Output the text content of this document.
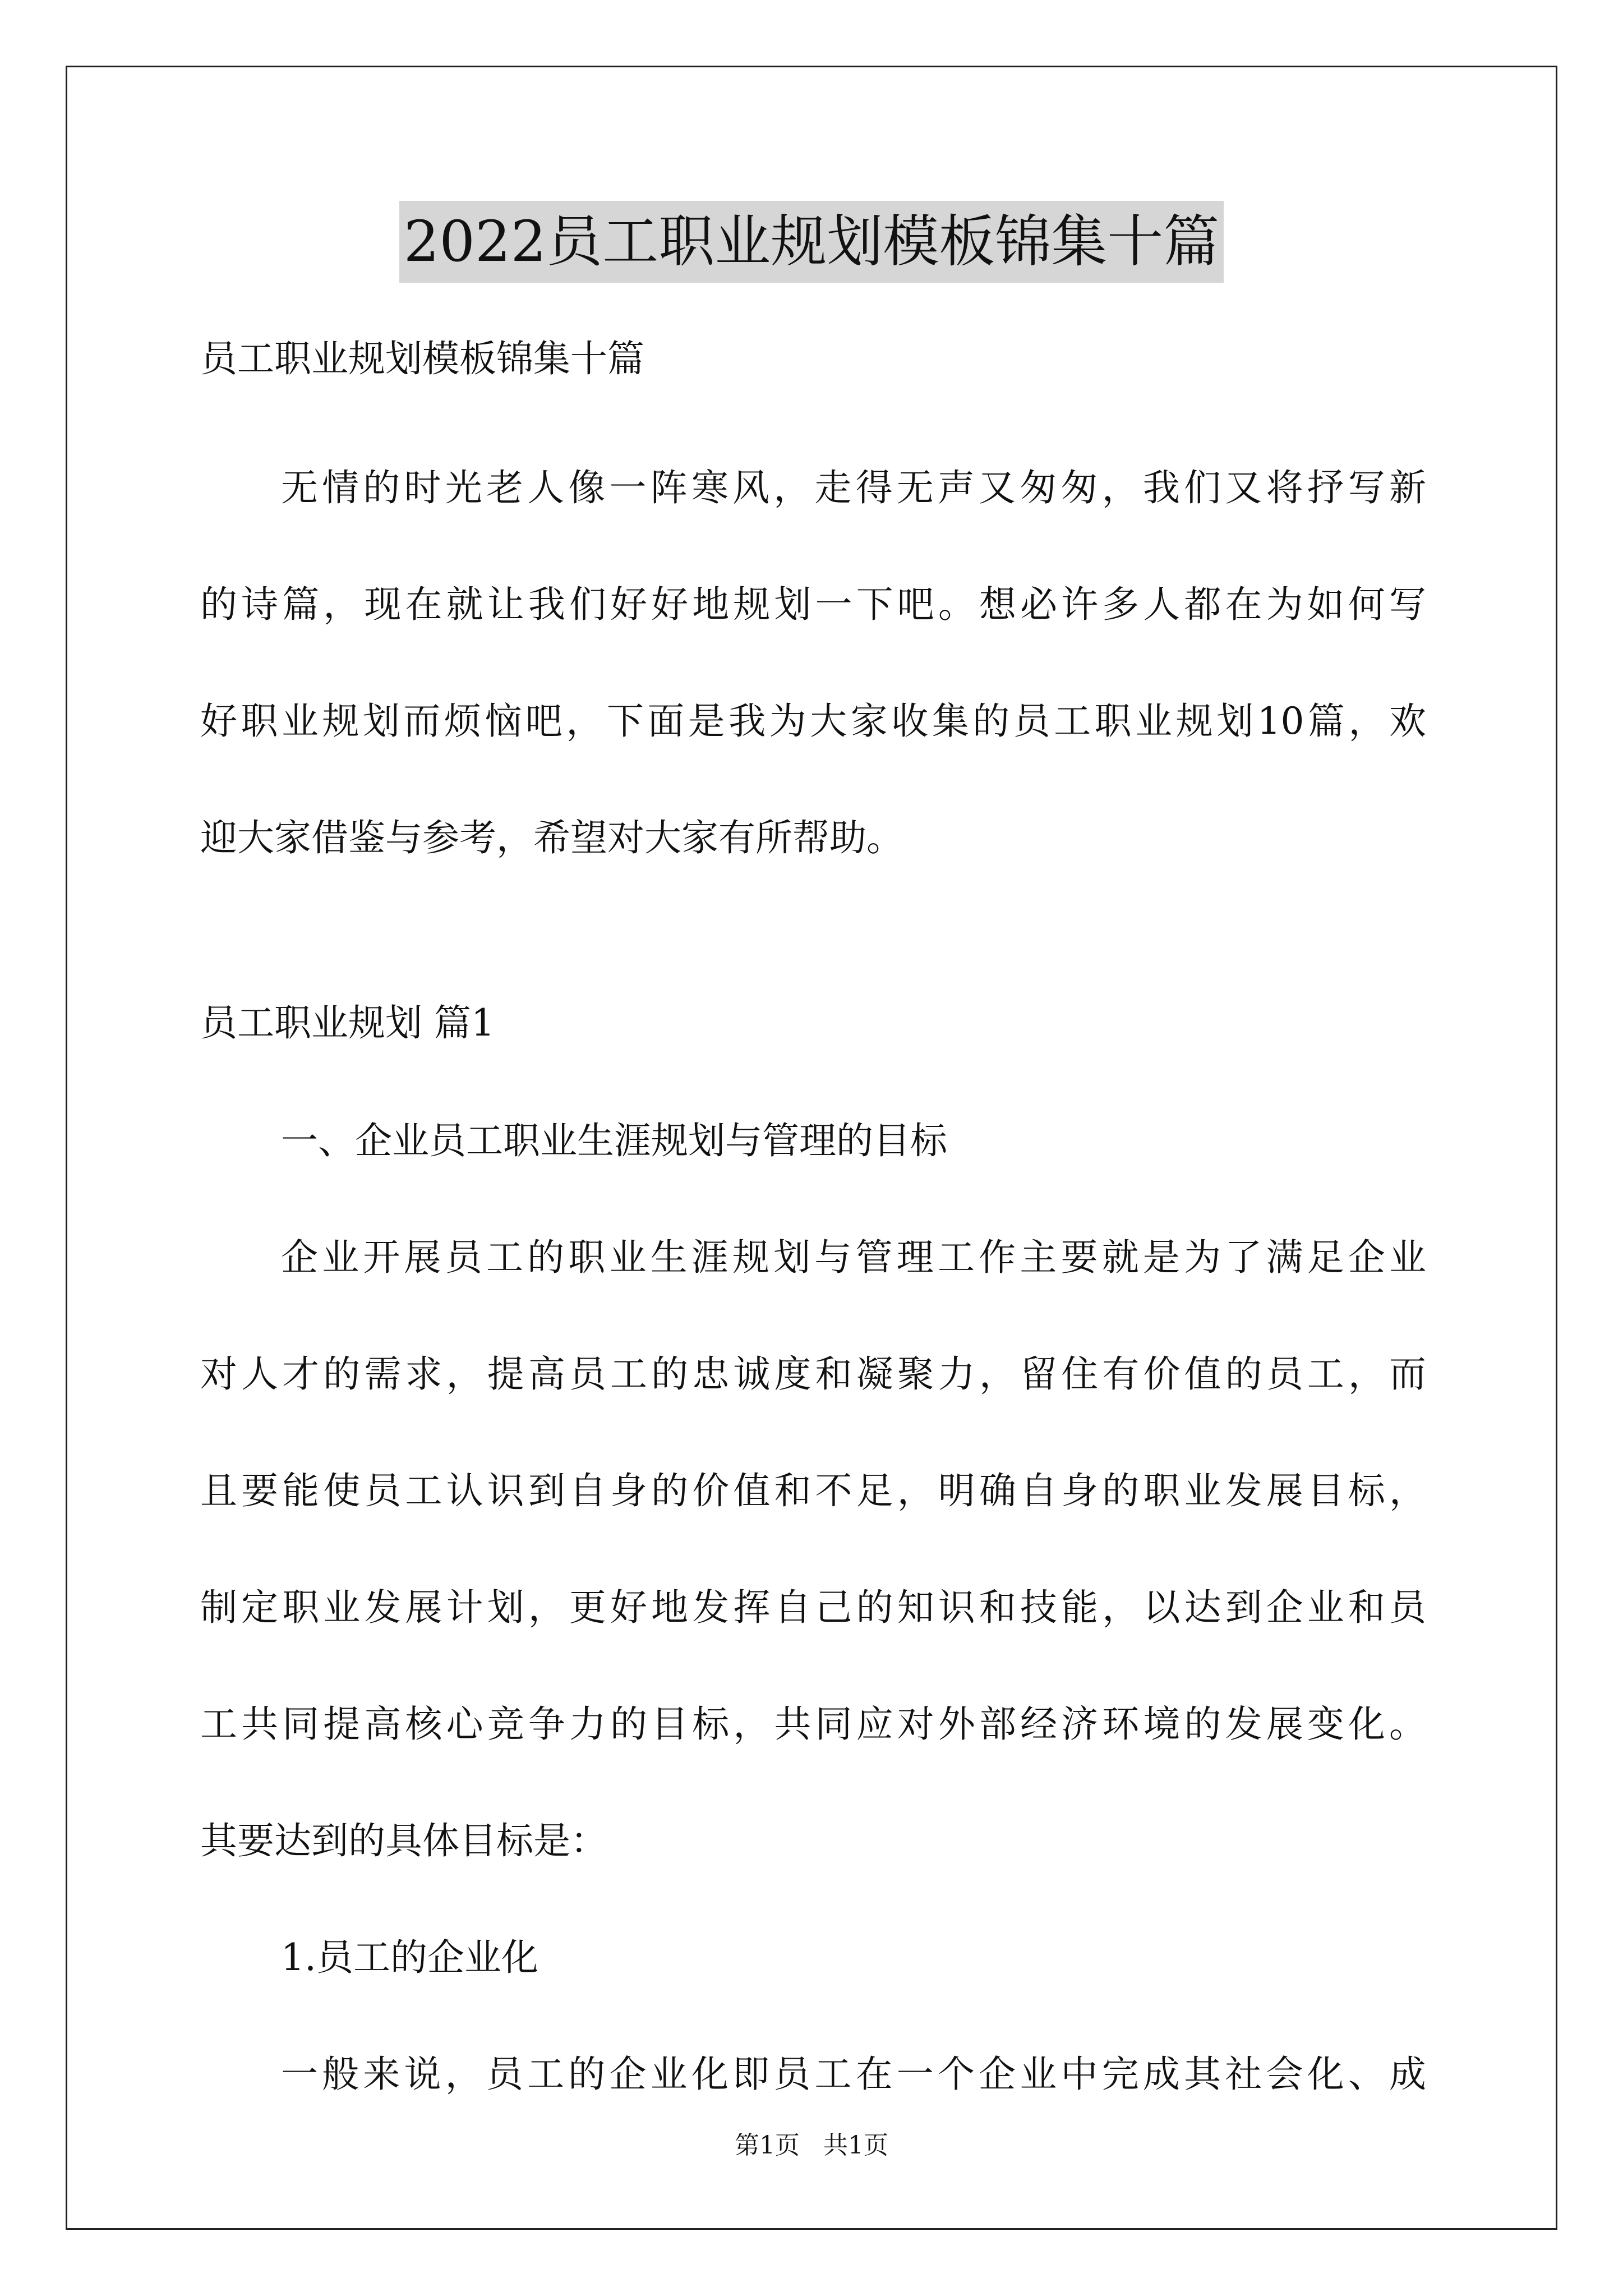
2022员工职业规划模板锦集十篇
员工职业规划模板锦集十篇
无情的时光老人像一阵寒风，走得无声又匆匆，我们又将抒写新
的诗篇，现在就让我们好好地规划一下吧。想必许多人都在为如何写
好职业规划而烦恼吧，下面是我为大家收集的员工职业规划10篇，欢
迎大家借鉴与参考，希望对大家有所帮助。
员工职业规划 篇1
一、企业员工职业生涯规划与管理的目标
企业开展员工的职业生涯规划与管理工作主要就是为了满足企业
对人才的需求，提高员工的忠诚度和凝聚力，留住有价值的员工，而
且要能使员工认识到自身的价值和不足，明确自身的职业发展目标，
制定职业发展计划，更好地发挥自己的知识和技能，以达到企业和员
工共同提高核心竞争力的目标，共同应对外部经济环境的发展变化。
其要达到的具体目标是：
1.员工的企业化
一般来说，员工的企业化即员工在一个企业中完成其社会化、成
第1页   共1页
